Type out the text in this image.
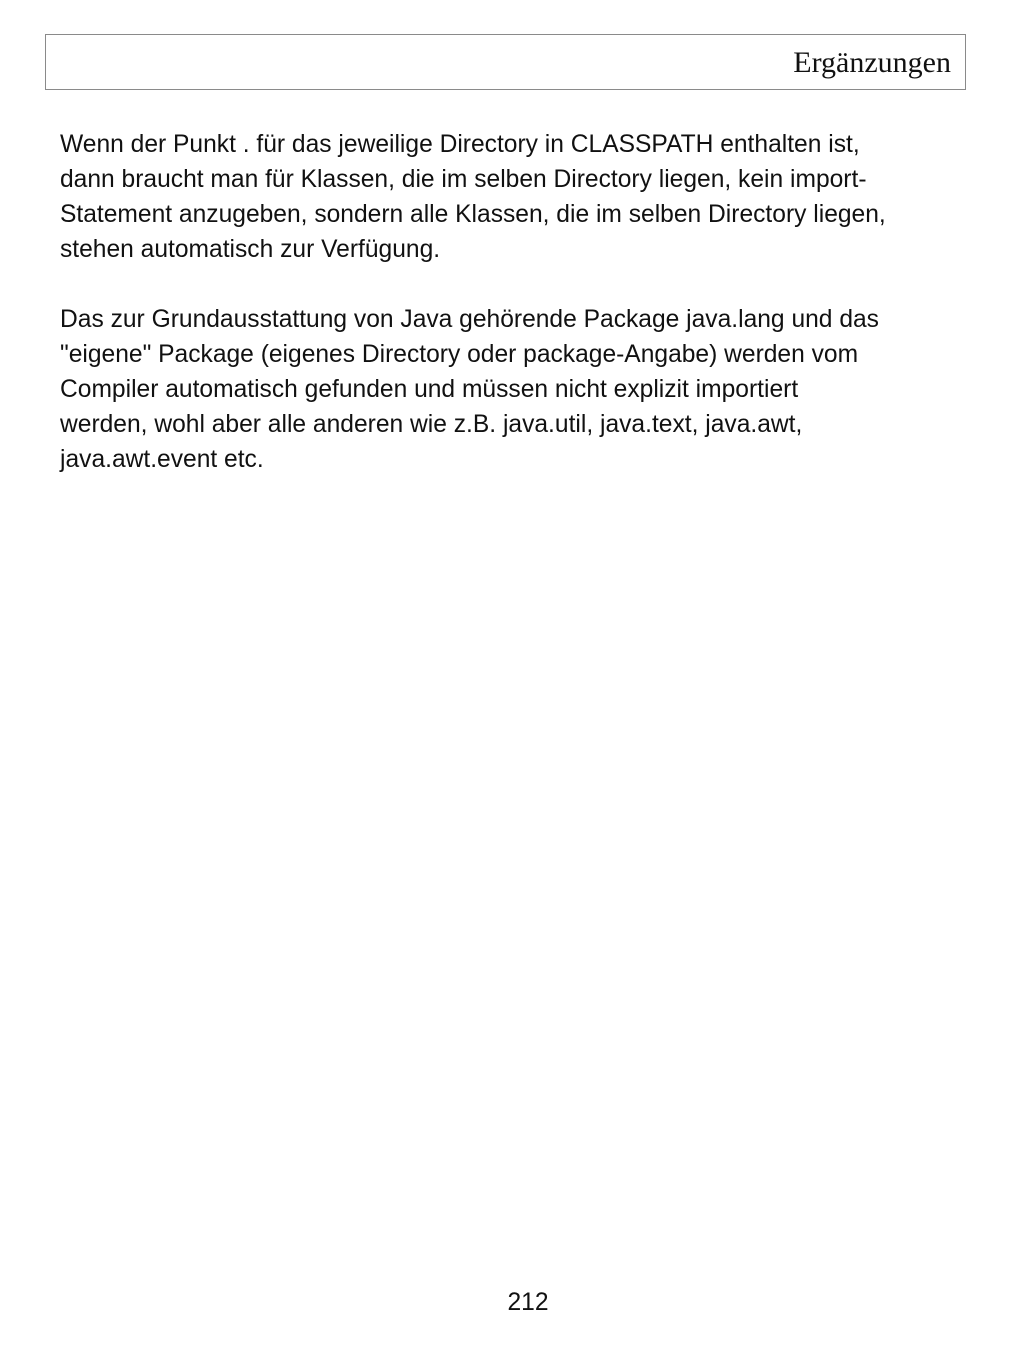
Ergänzungen

Wenn der Punkt . für das jeweilige Directory in CLASSPATH enthalten ist,
dann braucht man für Klassen, die im selben Directory liegen, kein import-
Statement anzugeben, sondern alle Klassen, die im selben Directory liegen,
stehen automatisch zur Verfügung.

Das zur Grundausstattung von Java gehörende Package java.lang und das
"eigene" Package (eigenes Directory oder package-Angabe) werden vom
Compiler automatisch gefunden und müssen nicht explizit importiert
werden, wohl aber alle anderen wie z.B. java.util, java.text, java.awt,
java.awt.event etc.

212
